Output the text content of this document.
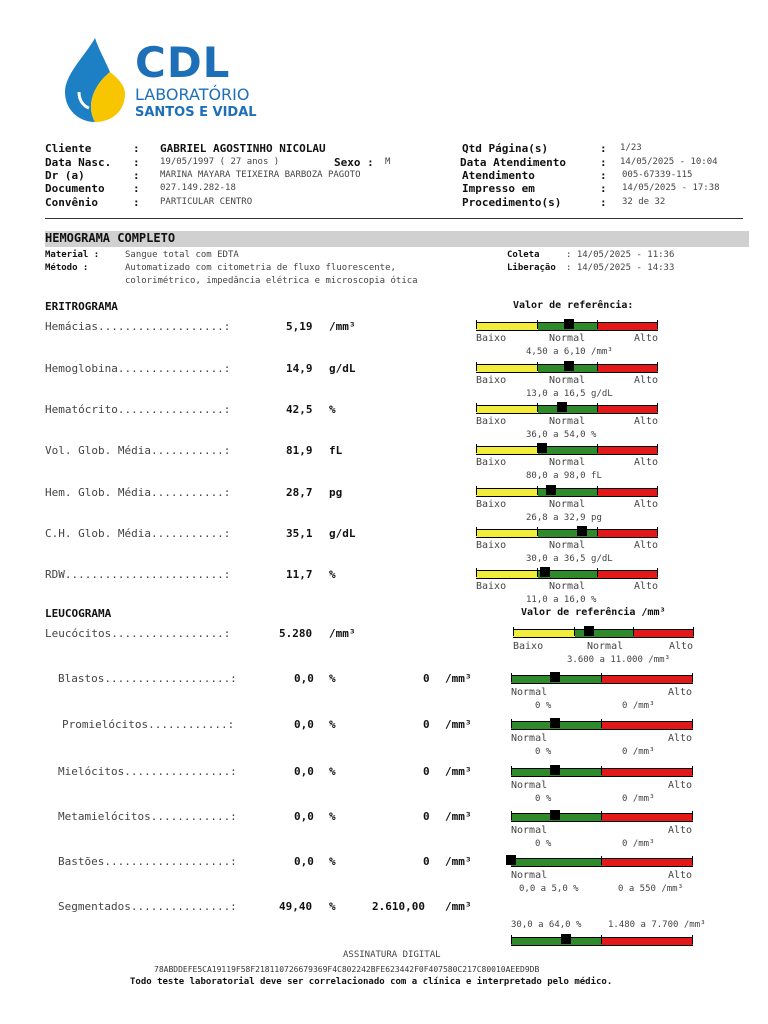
CDL
LABORATÓRIO
SANTOS E VIDAL
Cliente	: GABRIEL AGOSTINHO NICOLAU
Data Nasc. : 19/05/1997 ( 27 anos )	Sexo : M
Dr (a)	: MARINA MAYARA TEIXEIRA BARBOZA PAGOTO
Documento	: 027.149.282-18
Convênio	: PARTICULAR CENTRO
Qtd Página(s)	: 1/23
Data Atendimento	: 14/05/2025 - 10:04
Atendimento	: 005-67339-115
Impresso em	: 14/05/2025 - 17:38
Procedimento(s)	: 32 de 32
HEMOGRAMA COMPLETO
Material :	Sangue total com EDTA
Método :	Automatizado com citometria de fluxo fluorescente,
colorimétrico, impedância elétrica e microscopia ótica
Coleta	: 14/05/2025 - 11:36
Liberação : 14/05/2025 - 14:33
ERITROGRAMA	Valor de referência:
Hemácias...................:	5,19 /mm³
Baixo	Normal	Alto
4,50 a 6,10 /mm³
Hemoglobina................:	14,9 g/dL
Baixo	Normal	Alto
13,0 a 16,5 g/dL
Hematócrito................:	42,5 %
Baixo	Normal	Alto
36,0 a 54,0 %
Vol. Glob. Média...........:	81,9 fL
Baixo	Normal	Alto
80,0 a 98,0 fL
Hem. Glob. Média...........:	28,7 pg
Baixo	Normal	Alto
26,8 a 32,9 pg
C.H. Glob. Média...........:	35,1 g/dL
Baixo	Normal	Alto
30,0 a 36,5 g/dL
RDW........................:	11,7 %
Baixo	Normal	Alto
11,0 a 16,0 %
LEUCOGRAMA	Valor de referência /mm³
Leucócitos.................:	5.280 /mm³
Baixo	Normal	Alto
3.600 a 11.000 /mm³
Blastos...................:	0,0 %	0 /mm³
Normal	Alto
0 %	0 /mm³
Promielócitos............:	0,0 %	0 /mm³
Normal	Alto
0 %	0 /mm³
Mielócitos................:	0,0 %	0 /mm³
Normal	Alto
0 %	0 /mm³
Metamielócitos............:	0,0 %	0 /mm³
Normal	Alto
0 %	0 /mm³
Bastões...................:	0,0 %	0 /mm³
Normal	Alto
0,0 a 5,0 %	0 a 550 /mm³
Segmentados...............:	49,40 %	2.610,00 /mm³
30,0 a 64,0 %	1.480 a 7.700 /mm³
ASSINATURA DIGITAL
78ABDDEFE5CA19119F58F218110726679369F4C802242BFE623442F0F407580C217C80010AEED9DB
Todo teste laboratorial deve ser correlacionado com a clínica e interpretado pelo médico.
